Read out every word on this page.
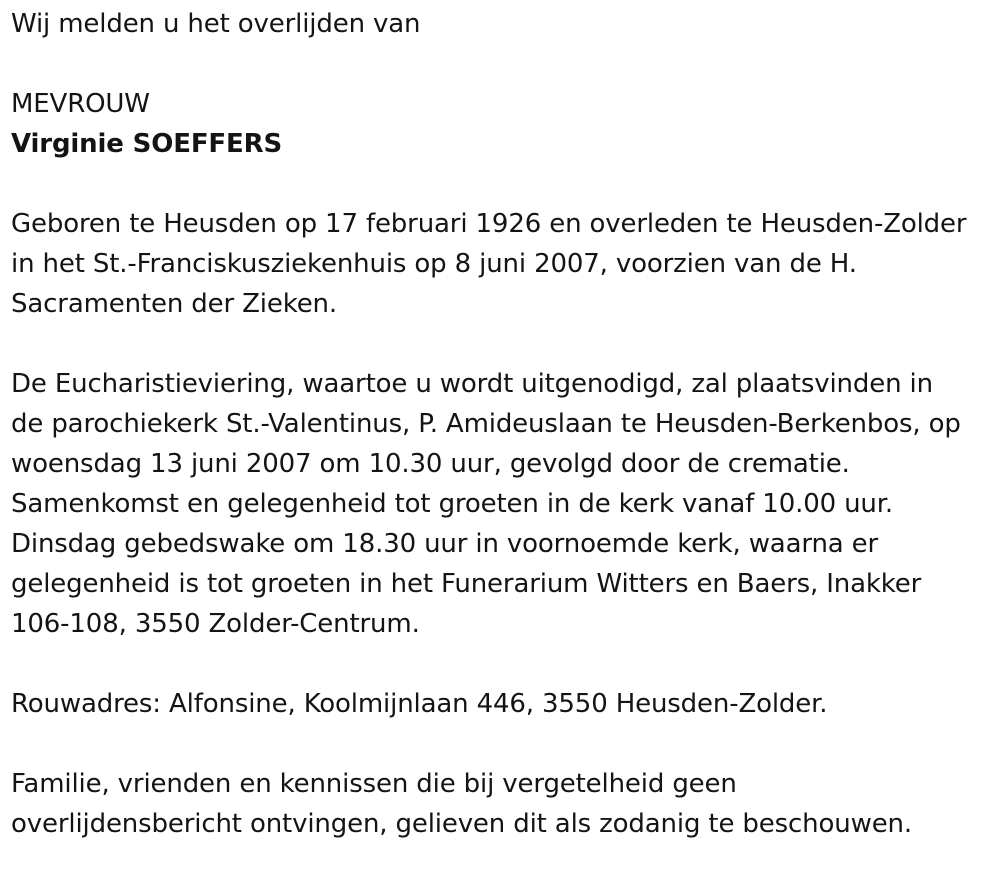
Wij melden u het overlijden van
MEVROUW
Virginie SOEFFERS
Geboren te Heusden op 17 februari 1926 en overleden te Heusden-Zolder
in het St.-Franciskusziekenhuis op 8 juni 2007, voorzien van de H.
Sacramenten der Zieken.
De Eucharistieviering, waartoe u wordt uitgenodigd, zal plaatsvinden in
de parochiekerk St.-Valentinus, P. Amideuslaan te Heusden-Berkenbos, op
woensdag 13 juni 2007 om 10.30 uur, gevolgd door de crematie.
Samenkomst en gelegenheid tot groeten in de kerk vanaf 10.00 uur.
Dinsdag gebedswake om 18.30 uur in voornoemde kerk, waarna er
gelegenheid is tot groeten in het Funerarium Witters en Baers, Inakker
106-108, 3550 Zolder-Centrum.
Rouwadres: Alfonsine, Koolmijnlaan 446, 3550 Heusden-Zolder.
Familie, vrienden en kennissen die bij vergetelheid geen
overlijdensbericht ontvingen, gelieven dit als zodanig te beschouwen.
